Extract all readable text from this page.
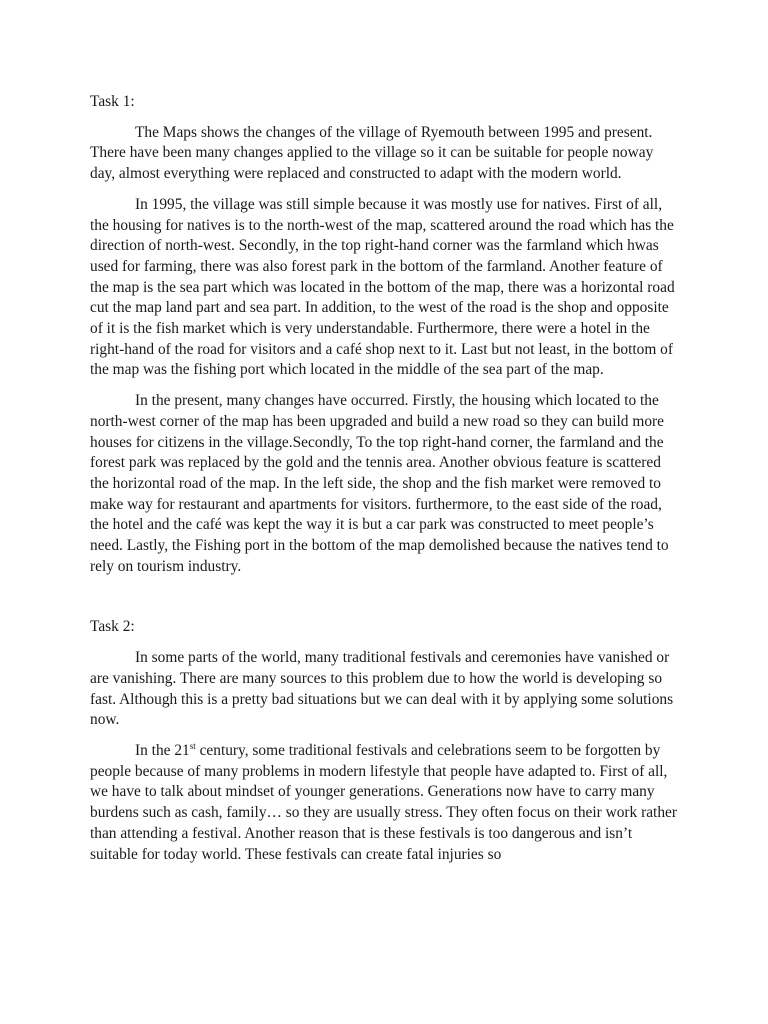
Task 1:

The Maps shows the changes of the village of Ryemouth between 1995 and present. There have been many changes applied to the village so it can be suitable for people noway day, almost everything were replaced and constructed to adapt with the modern world.

In 1995, the village was still simple because it was mostly use for natives. First of all, the housing for natives is to the north-west of the map, scattered around the road which has the direction of north-west. Secondly, in the top right-hand corner was the farmland which hwas used for farming, there was also forest park in the bottom of the farmland. Another feature of the map is the sea part which was located in the bottom of the map, there was a horizontal road cut the map land part and sea part. In addition, to the west of the road is the shop and opposite of it is the fish market which is very understandable. Furthermore, there were a hotel in the right-hand of the road for visitors and a café shop next to it. Last but not least, in the bottom of the map was the fishing port which located in the middle of the sea part of the map.

In the present, many changes have occurred. Firstly, the housing which located to the north-west corner of the map has been upgraded and build a new road so they can build more houses for citizens in the village.Secondly, To the top right-hand corner, the farmland and the forest park was replaced by the gold and the tennis area. Another obvious feature is scattered the horizontal road of the map. In the left side, the shop and the fish market were removed to make way for restaurant and apartments for visitors. furthermore, to the east side of the road, the hotel and the café was kept the way it is but a car park was constructed to meet people’s need. Lastly, the Fishing port in the bottom of the map demolished because the natives tend to rely on tourism industry.

Task 2:

In some parts of the world, many traditional festivals and ceremonies have vanished or are vanishing. There are many sources to this problem due to how the world is developing so fast. Although this is a pretty bad situations but we can deal with it by applying some solutions now.

In the 21st century, some traditional festivals and celebrations seem to be forgotten by people because of many problems in modern lifestyle that people have adapted to. First of all, we have to talk about mindset of younger generations. Generations now have to carry many burdens such as cash, family… so they are usually stress. They often focus on their work rather than attending a festival. Another reason that is these festivals is too dangerous and isn’t suitable for today world. These festivals can create fatal injuries so
